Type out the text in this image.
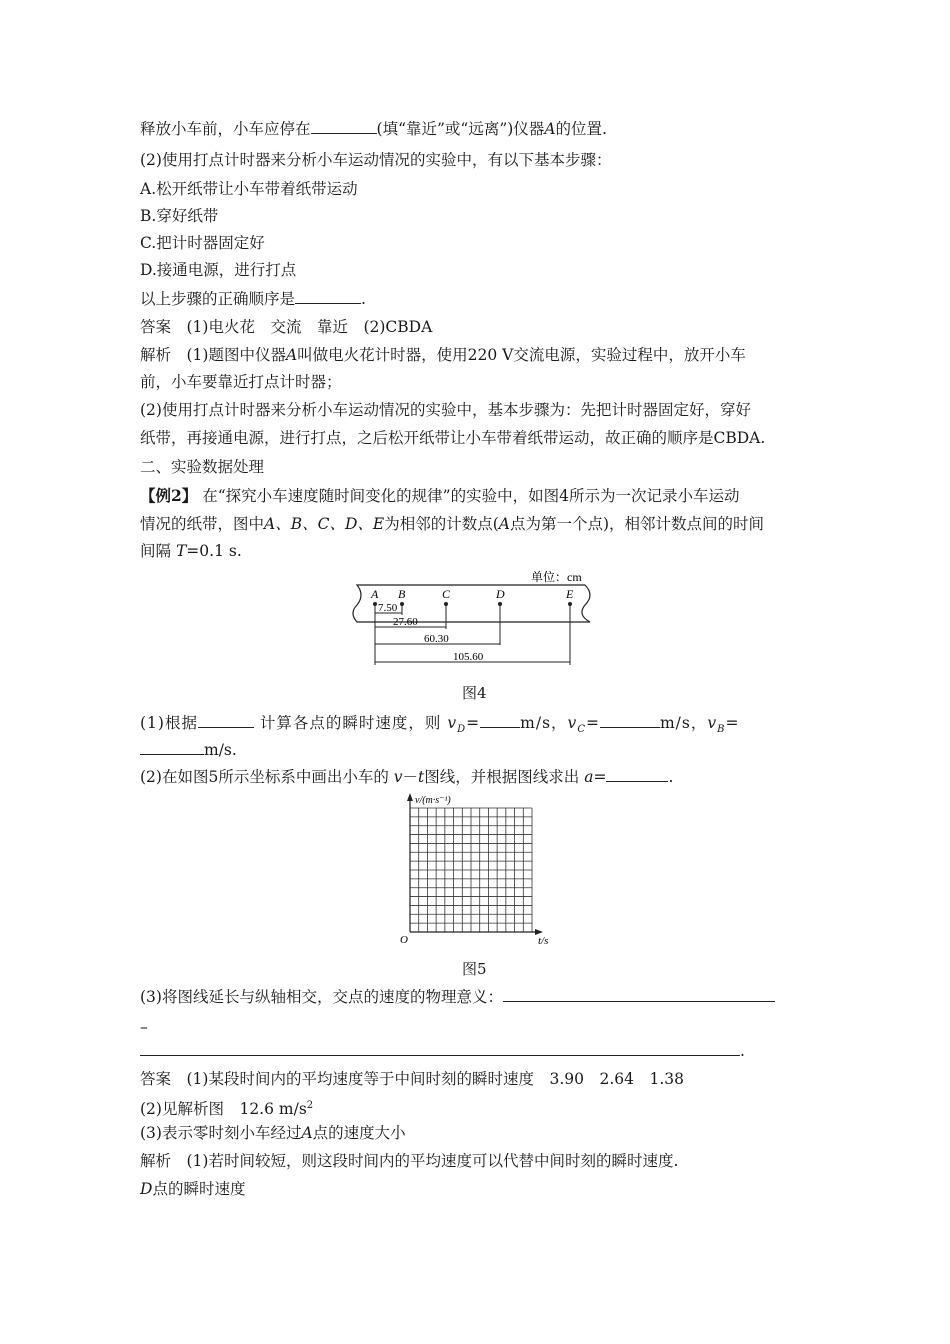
释放小车前，小车应停在	(填“靠近”或“远离”)仪器A的位置.
(2)使用打点计时器来分析小车运动情况的实验中，有以下基本步骤：
A.松开纸带让小车带着纸带运动
B.穿好纸带
C.把计时器固定好
D.接通电源，进行打点
以上步骤的正确顺序是	.
答案　(1)电火花　交流　靠近　(2)CBDA
解析　(1)题图中仪器A叫做电火花计时器，使用220 V交流电源，实验过程中，放开小车
前，小车要靠近打点计时器；
(2)使用打点计时器来分析小车运动情况的实验中，基本步骤为：先把计时器固定好，穿好
纸带，再接通电源，进行打点，之后松开纸带让小车带着纸带运动，故正确的顺序是CBDA.
二、实验数据处理
【例2】 在“探究小车速度随时间变化的规律”的实验中，如图4所示为一次记录小车运动
情况的纸带，图中A、B、C、D、E为相邻的计数点(A点为第一个点)，相邻计数点间的时间
间隔 T=0.1 s.
单位：cm
A B	C	D	E
7.50
27.60
60.30
105.60
图4
(1)根据	计算各点的瞬时速度，则 $v_D=$	m/s，$v_C=$	m/s，$v_B=$
m/s.
(2)在如图5所示坐标系中画出小车的 v－t图线，并根据图线求出 a=	.
v/(m·s⁻¹)
t/s
O
图5
(3)将图线延长与纵轴相交，交点的速度的物理意义：
–
.
答案　(1)某段时间内的平均速度等于中间时刻的瞬时速度　3.90　2.64　1.38
(2)见解析图　12.6 $m/s^2$
(3)表示零时刻小车经过A点的速度大小
解析　(1)若时间较短，则这段时间内的平均速度可以代替中间时刻的瞬时速度.
D点的瞬时速度
